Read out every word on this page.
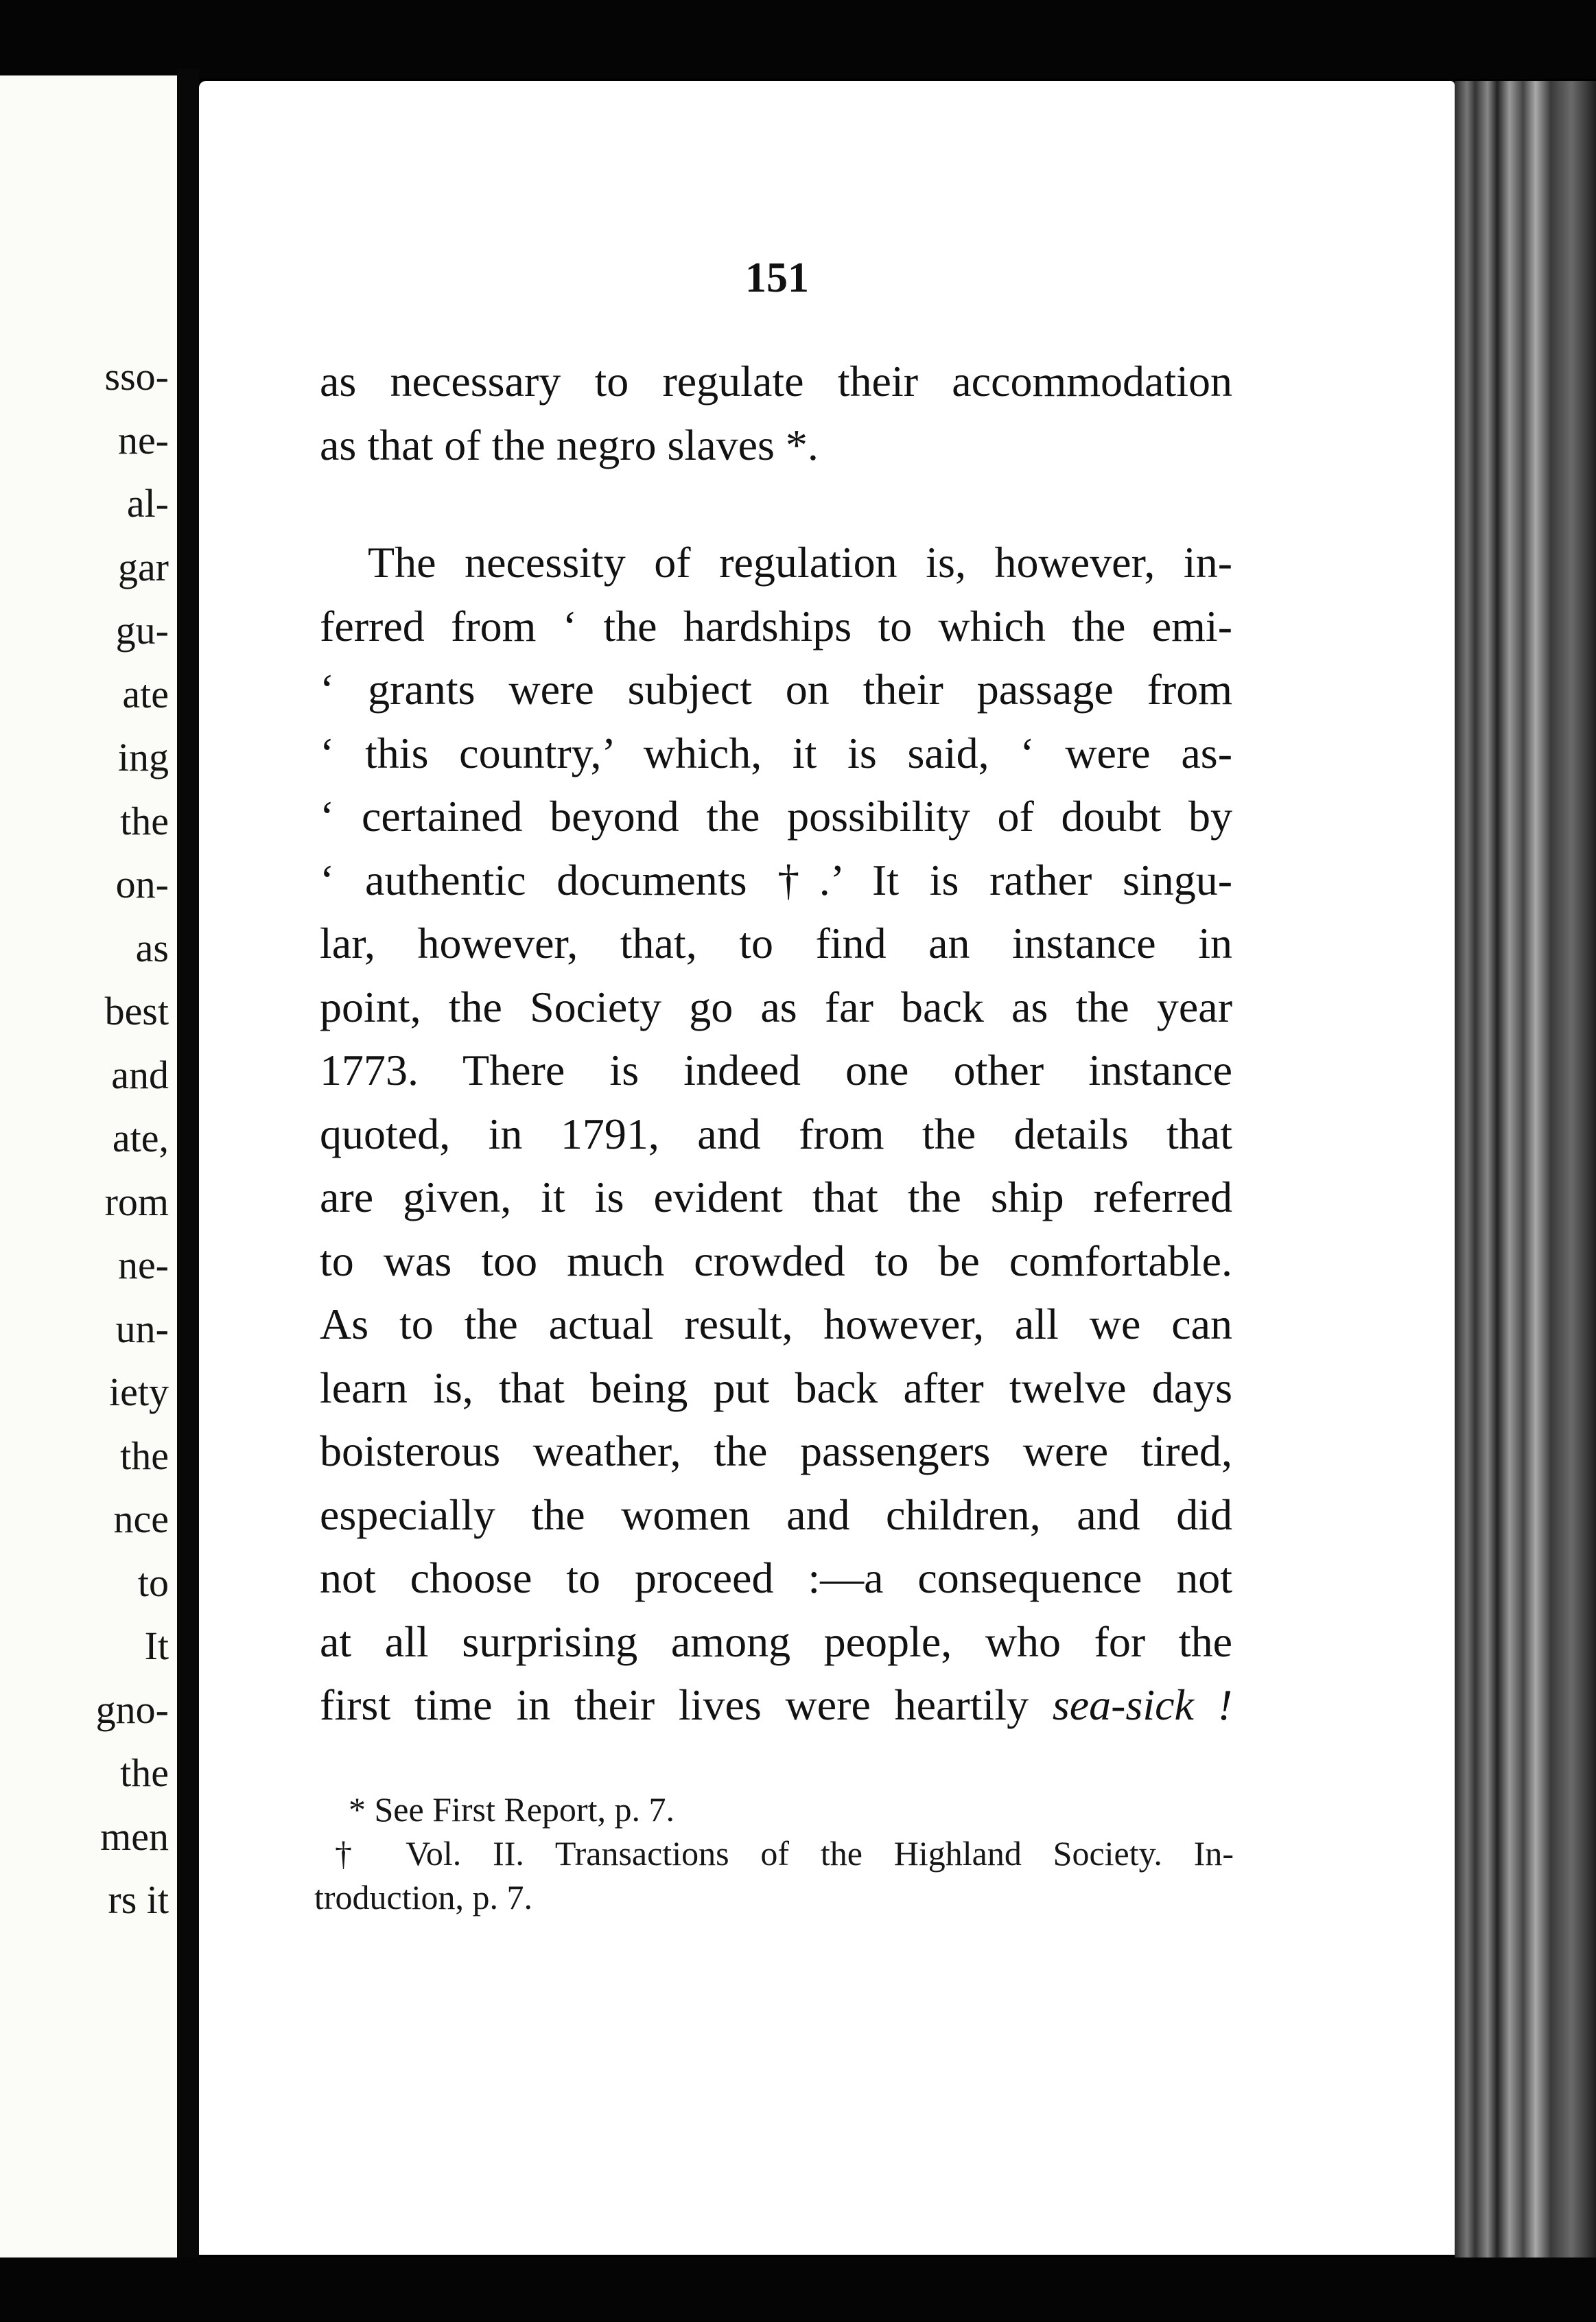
sso-
ne-
al-
gar
gu-
ate
ing
the
on-
as
best
and
ate,
rom
ne-
un-
iety
the
nce
to
It
gno-
the
men
rs it
151
as necessary to regulate their accommodation
as that of the negro slaves *.
The necessity of regulation is, however, in-
ferred from ‘ the hardships to which the emi-
‘ grants were subject on their passage from
‘ this country,’ which, it is said, ‘ were as-
‘ certained beyond the possibility of doubt by
‘ authentic documents †.’ It is rather singu-
lar, however, that, to find an instance in
point, the Society go as far back as the year
1773. There is indeed one other instance
quoted, in 1791, and from the details that
are given, it is evident that the ship referred
to was too much crowded to be comfortable.
As to the actual result, however, all we can
learn is, that being put back after twelve days
boisterous weather, the passengers were tired,
especially the women and children, and did
not choose to proceed :—a consequence not
at all surprising among people, who for the
first time in their lives were heartily sea-sick !
* See First Report, p. 7.
† Vol. II. Transactions of the Highland Society. In-
troduction, p. 7.
